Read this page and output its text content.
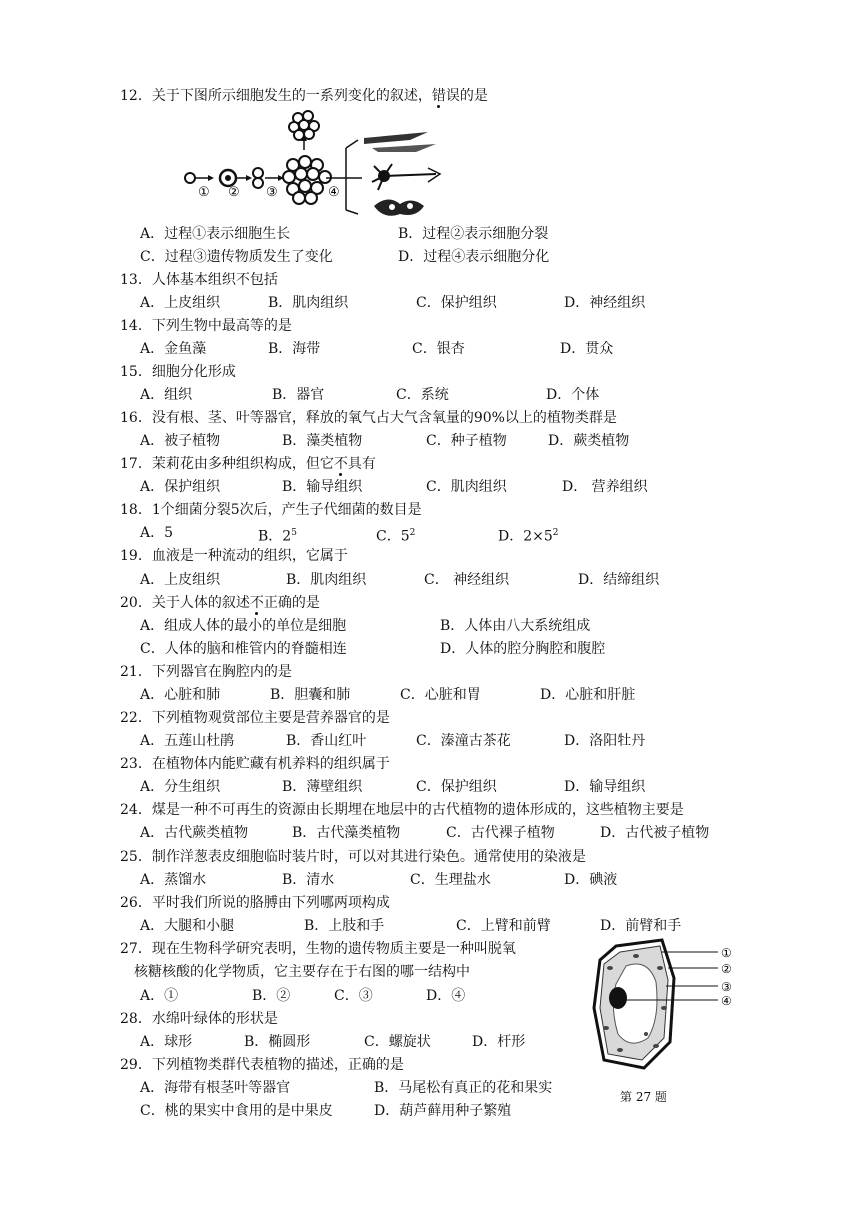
12．关于下图所示细胞发生的一系列变化的叙述，错误的是
① ② ③	④
A．过程①表示细胞生长	B．过程②表示细胞分裂
C．过程③遗传物质发生了变化	D．过程④表示细胞分化
13．人体基本组织不包括
A．上皮组织	B．肌肉组织	C．保护组织	D．神经组织
14．下列生物中最高等的是
A．金鱼藻	B．海带	C．银杏	D．贯众
15．细胞分化形成
A．组织	B．器官	C．系统	D．个体
16．没有根、茎、叶等器官，释放的氧气占大气含氧量的90%以上的植物类群是
A．被子植物	B．藻类植物	C．种子植物	D．蕨类植物
17．茉莉花由多种组织构成，但它不具有
A．保护组织	B．输导组织	C．肌肉组织	D． 营养组织
18．1个细菌分裂5次后，产生子代细菌的数目是
A．5	B．$2^5$	C．$5^2$	D．$2\times 5^2$
19．血液是一种流动的组织，它属于
A．上皮组织	B．肌肉组织	C． 神经组织	D．结缔组织
20．关于人体的叙述不正确的是
A．组成人体的最小的单位是细胞	B．人体由八大系统组成
C．人体的脑和椎管内的脊髓相连	D．人体的腔分胸腔和腹腔
21．下列器官在胸腔内的是
A．心脏和肺	B．胆囊和肺	C．心脏和胃	D．心脏和肝脏
22．下列植物观赏部位主要是营养器官的是
A．五莲山杜鹃	B．香山红叶	C．溱潼古茶花	D．洛阳牡丹
23．在植物体内能贮藏有机养料的组织属于
A．分生组织	B．薄壁组织	C．保护组织	D．输导组织
24．煤是一种不可再生的资源由长期埋在地层中的古代植物的遗体形成的，这些植物主要是
A．古代蕨类植物	B．古代藻类植物	C．古代裸子植物	D．古代被子植物
25．制作洋葱表皮细胞临时装片时，可以对其进行染色。通常使用的染液是
A．蒸馏水	B．清水	C．生理盐水	D．碘液
26．平时我们所说的胳膊由下列哪两项构成
A．大腿和小腿	B．上肢和手	C．上臂和前臂	D．前臂和手
27．现在生物科学研究表明，生物的遗传物质主要是一种叫脱氧
核糖核酸的化学物质，它主要存在于右图的哪一结构中
A．①	B．②	C．③	D．④
①
②
③
④
第 27 题
28．水绵叶绿体的形状是
A．球形	B．椭圆形	C．螺旋状	D．杆形
29．下列植物类群代表植物的描述，正确的是
A．海带有根茎叶等器官	B．马尾松有真正的花和果实
C．桃的果实中食用的是中果皮	D．葫芦藓用种子繁殖
